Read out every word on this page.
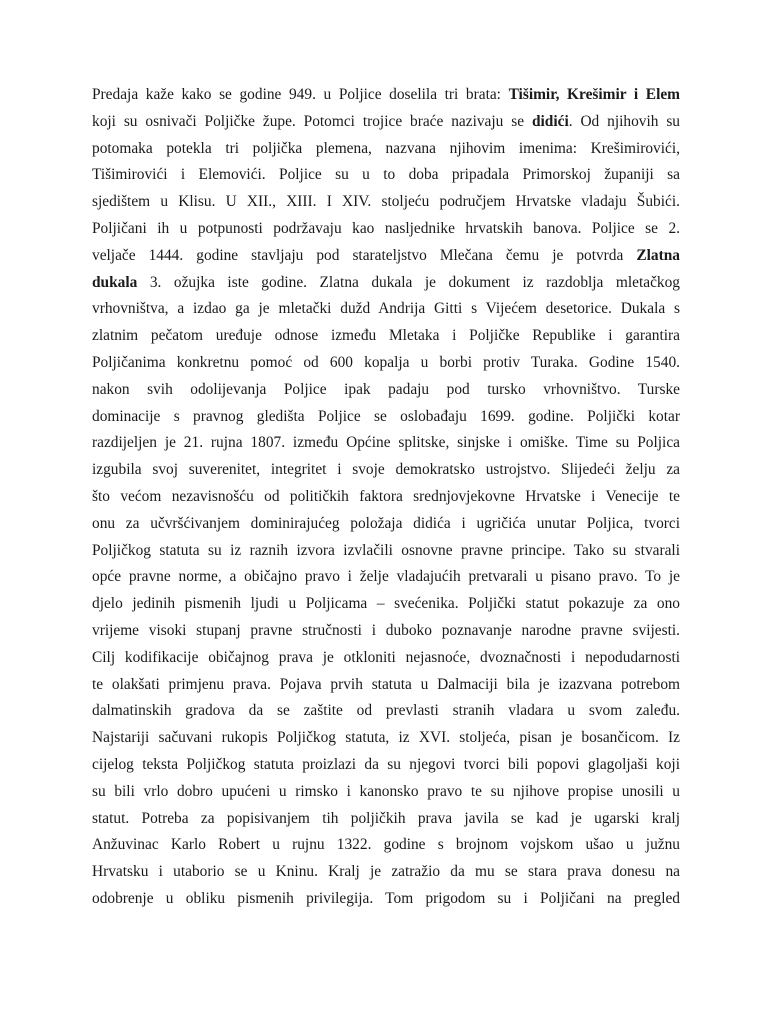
Predaja kaže kako se godine 949. u Poljice doselila tri brata: Tišimir, Krešimir i Elem
koji su osnivači Poljičke župe. Potomci trojice braće nazivaju se didići. Od njihovih su
potomaka potekla tri poljička plemena, nazvana njihovim imenima: Krešimirovići,
Tišimirovići i Elemovići. Poljice su u to doba pripadala Primorskoj županiji sa
sjedištem u Klisu. U XII., XIII. I XIV. stoljeću područjem Hrvatske vladaju Šubići.
Poljičani ih u potpunosti podržavaju kao nasljednike hrvatskih banova. Poljice se 2.
veljače 1444. godine stavljaju pod starateljstvo Mlečana čemu je potvrda Zlatna
dukala 3. ožujka iste godine. Zlatna dukala je dokument iz razdoblja mletačkog
vrhovništva, a izdao ga je mletački dužd Andrija Gitti s Vijećem desetorice. Dukala s
zlatnim pečatom uređuje odnose između Mletaka i Poljičke Republike i garantira
Poljičanima konkretnu pomoć od 600 kopalja u borbi protiv Turaka. Godine 1540.
nakon svih odolijevanja Poljice ipak padaju pod tursko vrhovništvo. Turske
dominacije s pravnog gledišta Poljice se oslobađaju 1699. godine. Poljički kotar
razdijeljen je 21. rujna 1807. između Općine splitske, sinjske i omiške. Time su Poljica
izgubila svoj suverenitet, integritet i svoje demokratsko ustrojstvo. Slijedeći želju za
što većom nezavisnošću od političkih faktora srednjovjekovne Hrvatske i Venecije te
onu za učvršćivanjem dominirajućeg položaja didića i ugričića unutar Poljica, tvorci
Poljičkog statuta su iz raznih izvora izvlačili osnovne pravne principe. Tako su stvarali
opće pravne norme, a običajno pravo i želje vladajućih pretvarali u pisano pravo. To je
djelo jedinih pismenih ljudi u Poljicama – svećenika. Poljički statut pokazuje za ono
vrijeme visoki stupanj pravne stručnosti i duboko poznavanje narodne pravne svijesti.
Cilj kodifikacije običajnog prava je otkloniti nejasnoće, dvoznačnosti i nepodudarnosti
te olakšati primjenu prava. Pojava prvih statuta u Dalmaciji bila je izazvana potrebom
dalmatinskih gradova da se zaštite od prevlasti stranih vladara u svom zaleđu.
Najstariji sačuvani rukopis Poljičkog statuta, iz XVI. stoljeća, pisan je bosančicom. Iz
cijelog teksta Poljičkog statuta proizlazi da su njegovi tvorci bili popovi glagoljaši koji
su bili vrlo dobro upućeni u rimsko i kanonsko pravo te su njihove propise unosili u
statut. Potreba za popisivanjem tih poljičkih prava javila se kad je ugarski kralj
Anžuvinac Karlo Robert u rujnu 1322. godine s brojnom vojskom ušao u južnu
Hrvatsku i utaborio se u Kninu. Kralj je zatražio da mu se stara prava donesu na
odobrenje u obliku pismenih privilegija. Tom prigodom su i Poljičani na pregled
